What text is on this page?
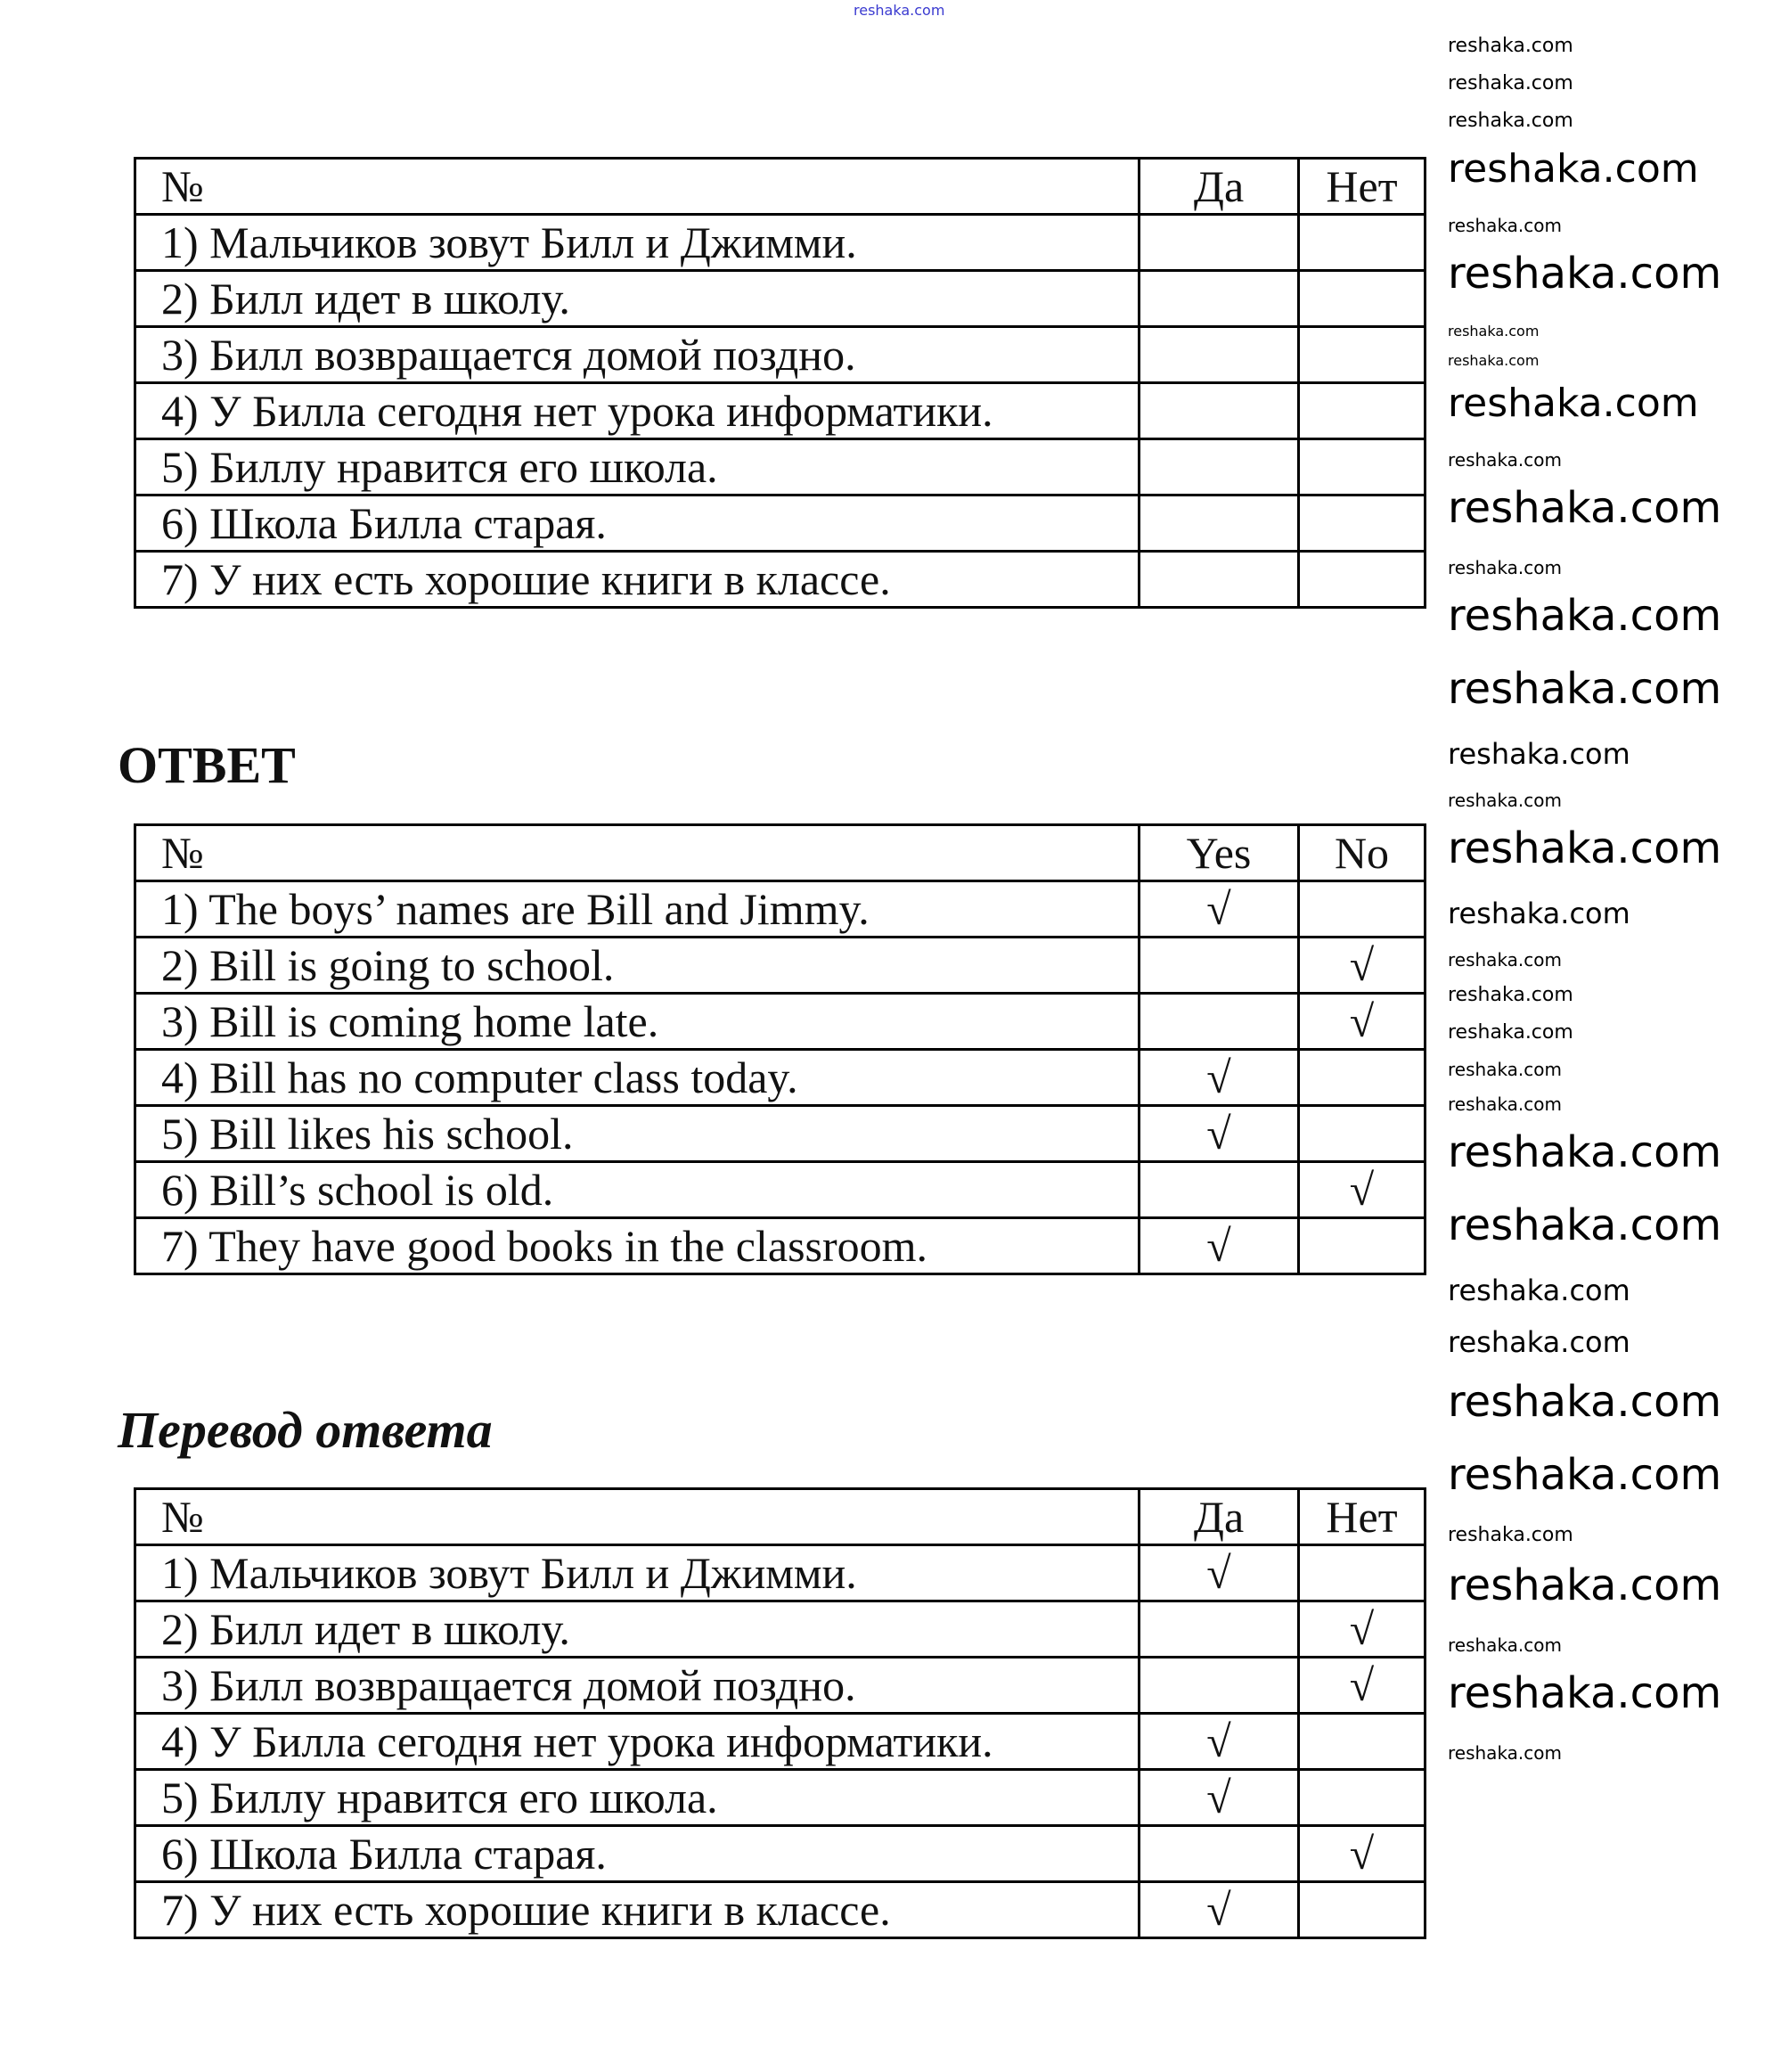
reshaka.com
№	Да	Нет
1) Мальчиков зовут Билл и Джимми.		
2) Билл идет в школу.		
3) Билл возвращается домой поздно.		
4) У Билла сегодня нет урока информатики.		
5) Биллу нравится его школа.		
6) Школа Билла старая.		
7) У них есть хорошие книги в классе.		
ОТВЕТ
№	Yes	No
1) The boys’ names are Bill and Jimmy.	√	
2) Bill is going to school.		√
3) Bill is coming home late.		√
4) Bill has no computer class today.	√	
5) Bill likes his school.	√	
6) Bill’s school is old.		√
7) They have good books in the classroom.	√	
Перевод ответа
№	Да	Нет
1) Мальчиков зовут Билл и Джимми.	√	
2) Билл идет в школу.		√
3) Билл возвращается домой поздно.		√
4) У Билла сегодня нет урока информатики.	√	
5) Биллу нравится его школа.	√	
6) Школа Билла старая.		√
7) У них есть хорошие книги в классе.	√	
reshaka.com
reshaka.com
reshaka.com
reshaka.com
reshaka.com
reshaka.com
reshaka.com
reshaka.com
reshaka.com
reshaka.com
reshaka.com
reshaka.com
reshaka.com
reshaka.com
reshaka.com
reshaka.com
reshaka.com
reshaka.com
reshaka.com
reshaka.com
reshaka.com
reshaka.com
reshaka.com
reshaka.com
reshaka.com
reshaka.com
reshaka.com
reshaka.com
reshaka.com
reshaka.com
reshaka.com
reshaka.com
reshaka.com
reshaka.com
